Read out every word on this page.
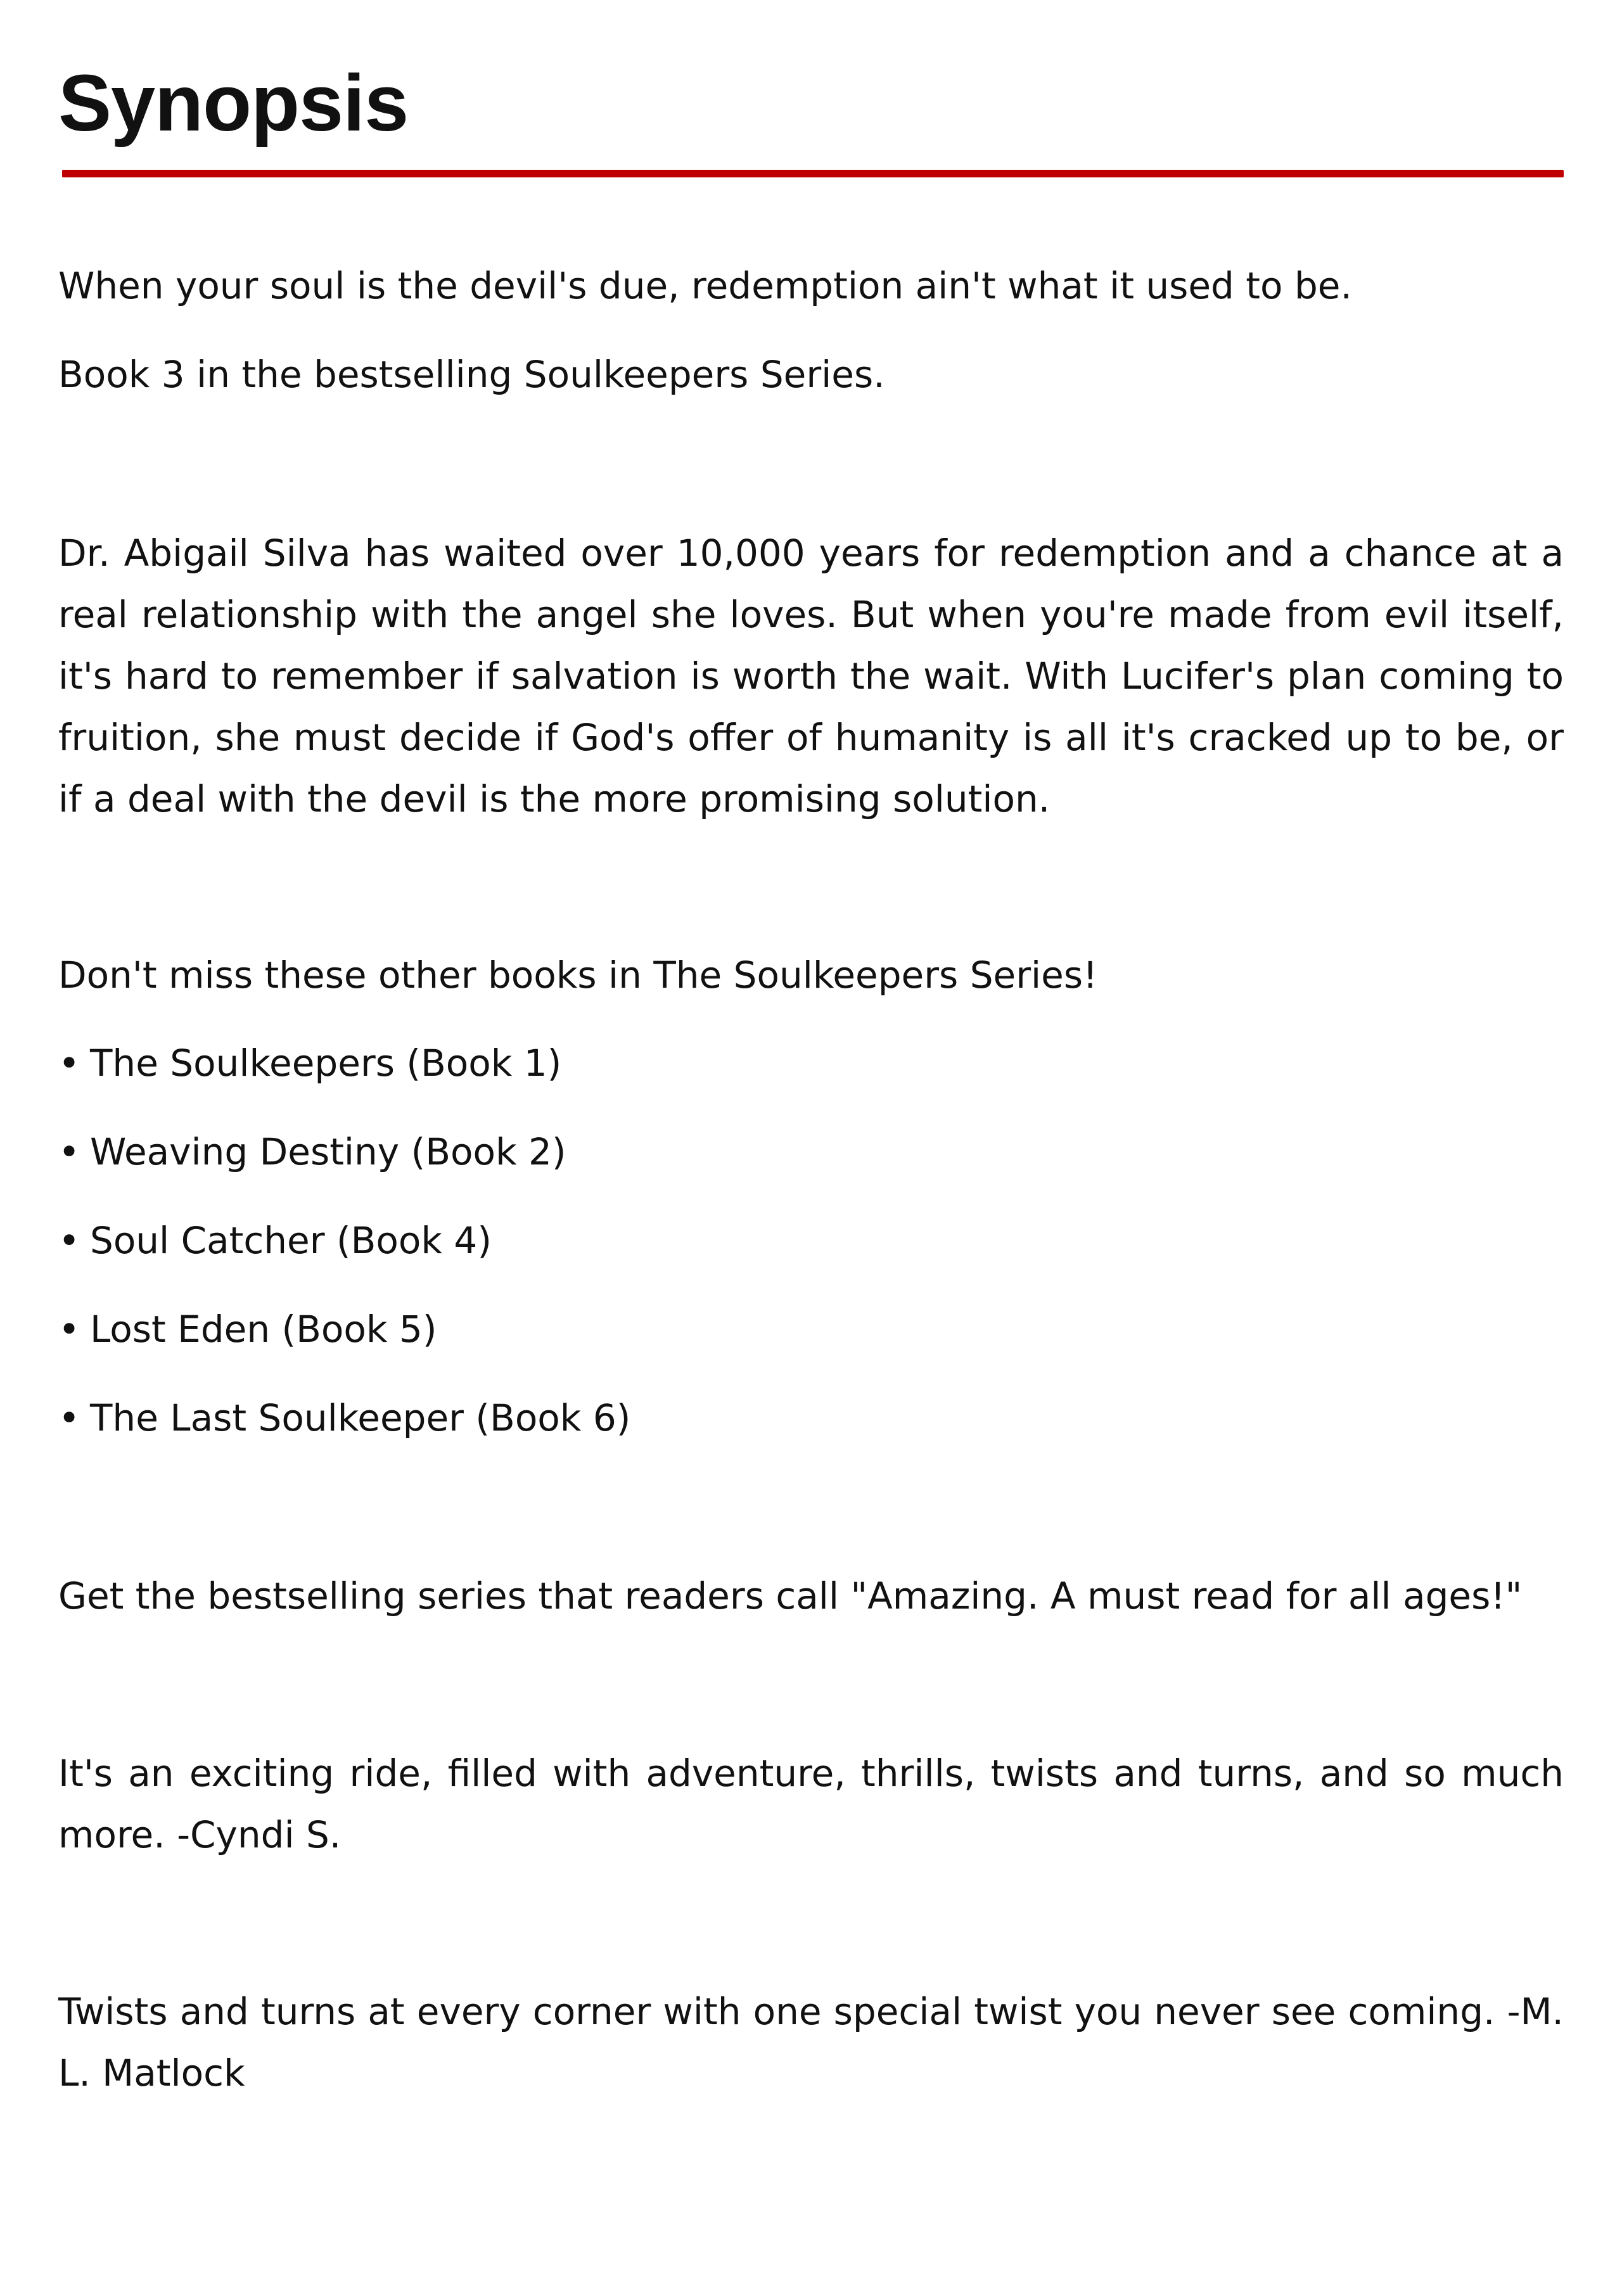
Synopsis

When your soul is the devil's due, redemption ain't what it used to be.

Book 3 in the bestselling Soulkeepers Series.

Dr. Abigail Silva has waited over 10,000 years for redemption and a chance at a real relationship with the angel she loves. But when you're made from evil itself, it's hard to remember if salvation is worth the wait. With Lucifer's plan coming to fruition, she must decide if God's offer of humanity is all it's cracked up to be, or if a deal with the devil is the more promising solution.

Don't miss these other books in The Soulkeepers Series!

• The Soulkeepers (Book 1)

• Weaving Destiny (Book 2)

• Soul Catcher (Book 4)

• Lost Eden (Book 5)

• The Last Soulkeeper (Book 6)

Get the bestselling series that readers call "Amazing. A must read for all ages!"

It's an exciting ride, filled with adventure, thrills, twists and turns, and so much more. -Cyndi S.

Twists and turns at every corner with one special twist you never see coming. -M. L. Matlock
